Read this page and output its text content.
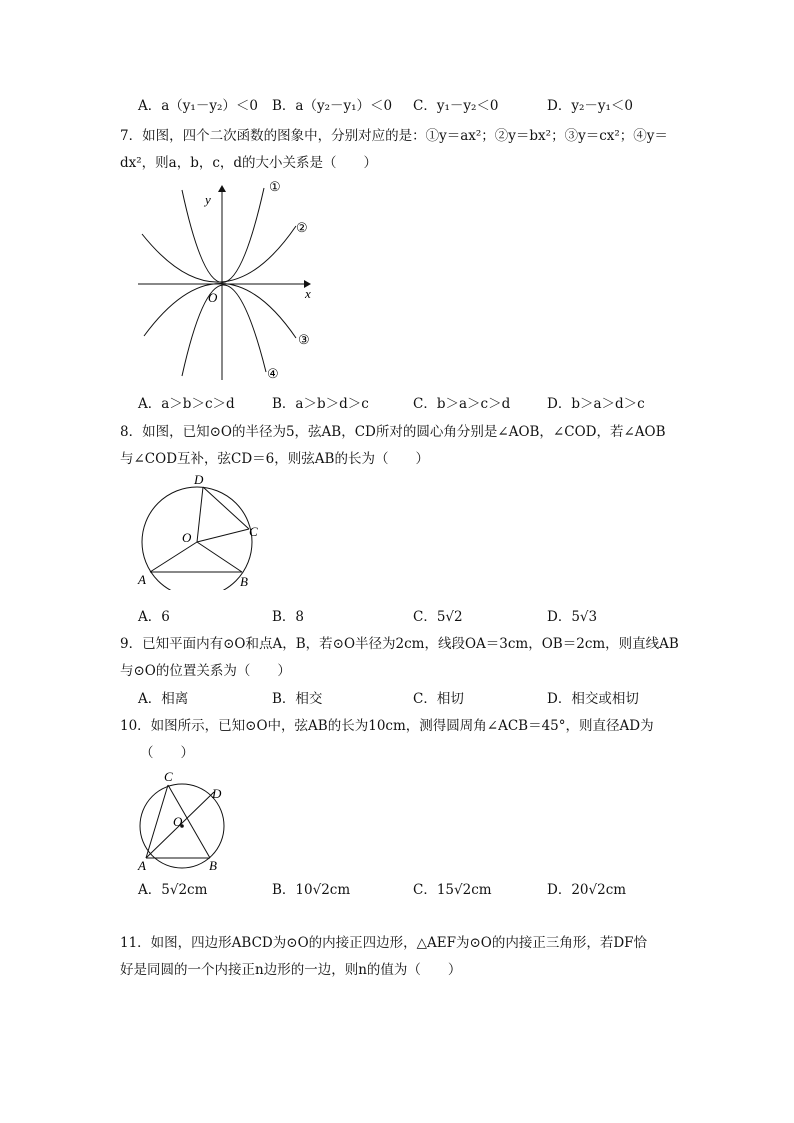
A．a（y₁－y₂）＜0 B．a（y₂－y₁）＜0 C．y₁－y₂＜0	D．y₂－y₁＜0
7．如图，四个二次函数的图象中，分别对应的是：①y＝ax²；②y＝bx²；③y＝cx²；④y＝
dx²，则a，b，c，d的大小关系是（　　）
x
y
O
①
②
③
④
A．a＞b＞c＞d	B．a＞b＞d＞c	C．b＞a＞c＞d	D．b＞a＞d＞c
8．如图，已知⊙O的半径为5，弦AB，CD所对的圆心角分别是∠AOB，∠COD，若∠AOB
与∠COD互补，弦CD＝6，则弦AB的长为（　　）
D
C
O
A	B
A．6	B．8	C．5√2	D．5√3
9．已知平面内有⊙O和点A，B，若⊙O半径为2cm，线段OA＝3cm，OB＝2cm，则直线AB
与⊙O的位置关系为（　　）
A．相离	B．相交	C．相切	D．相交或相切
10．如图所示，已知⊙O中，弦AB的长为10cm，测得圆周角∠ACB＝45°，则直径AD为
（　　）
C
D
O
A	B
A．5√2cm	B．10√2cm	C．15√2cm	D．20√2cm
11．如图，四边形ABCD为⊙O的内接正四边形，△AEF为⊙O的内接正三角形，若DF恰
好是同圆的一个内接正n边形的一边，则n的值为（　　）
